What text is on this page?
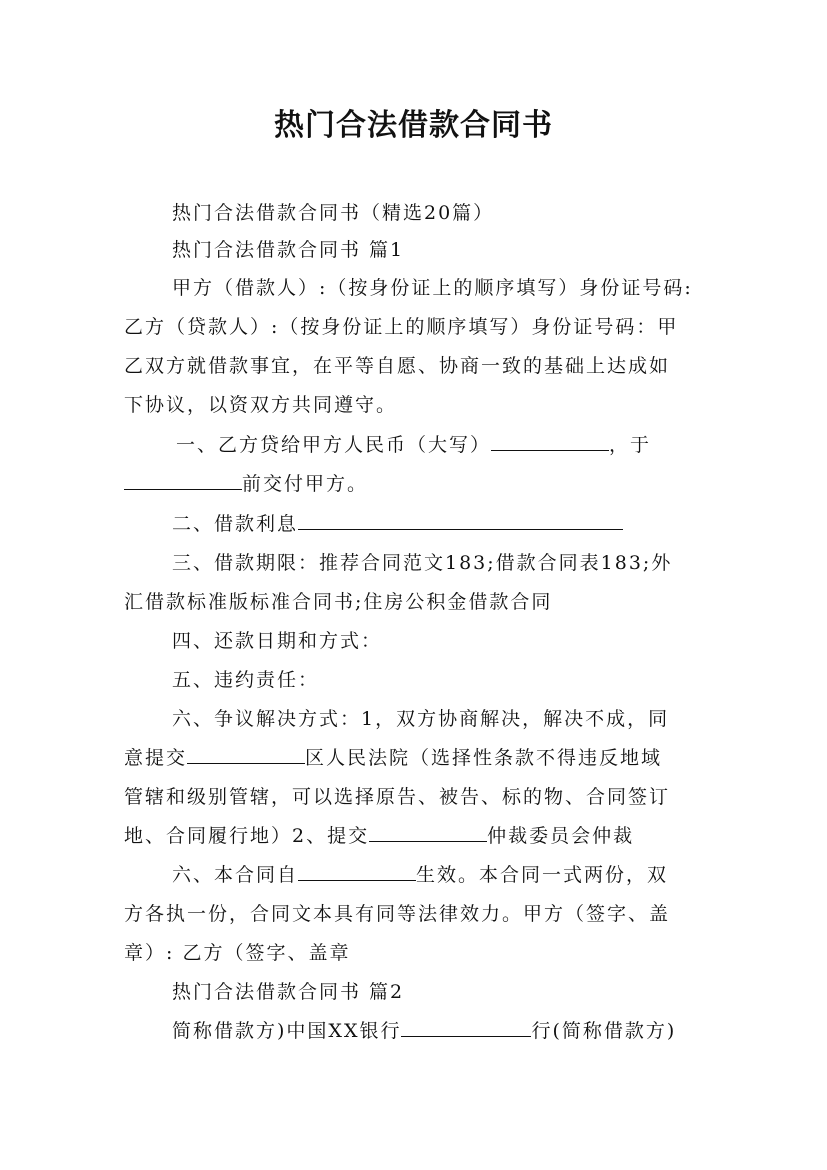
热门合法借款合同书
热门合法借款合同书（精选20篇）
热门合法借款合同书 篇1
甲方（借款人）:（按身份证上的顺序填写）身份证号码:
乙方（贷款人）:（按身份证上的顺序填写）身份证号码：甲
乙双方就借款事宜，在平等自愿、协商一致的基础上达成如
下协议，以资双方共同遵守。
一、乙方贷给甲方人民币（大写）	，于
前交付甲方。
二、借款利息
三、借款期限：推荐合同范文183;借款合同表183;外
汇借款标准版标准合同书;住房公积金借款合同
四、还款日期和方式：
五、违约责任：
六、争议解决方式：1，双方协商解决，解决不成，同
意提交	区人民法院（选择性条款不得违反地域
管辖和级别管辖，可以选择原告、被告、标的物、合同签订
地、合同履行地）2、提交	仲裁委员会仲裁
六、本合同自	生效。本合同一式两份，双
方各执一份，合同文本具有同等法律效力。甲方（签字、盖
章）: 乙方（签字、盖章
热门合法借款合同书 篇2
简称借款方)中国XX银行	行(简称借款方)
